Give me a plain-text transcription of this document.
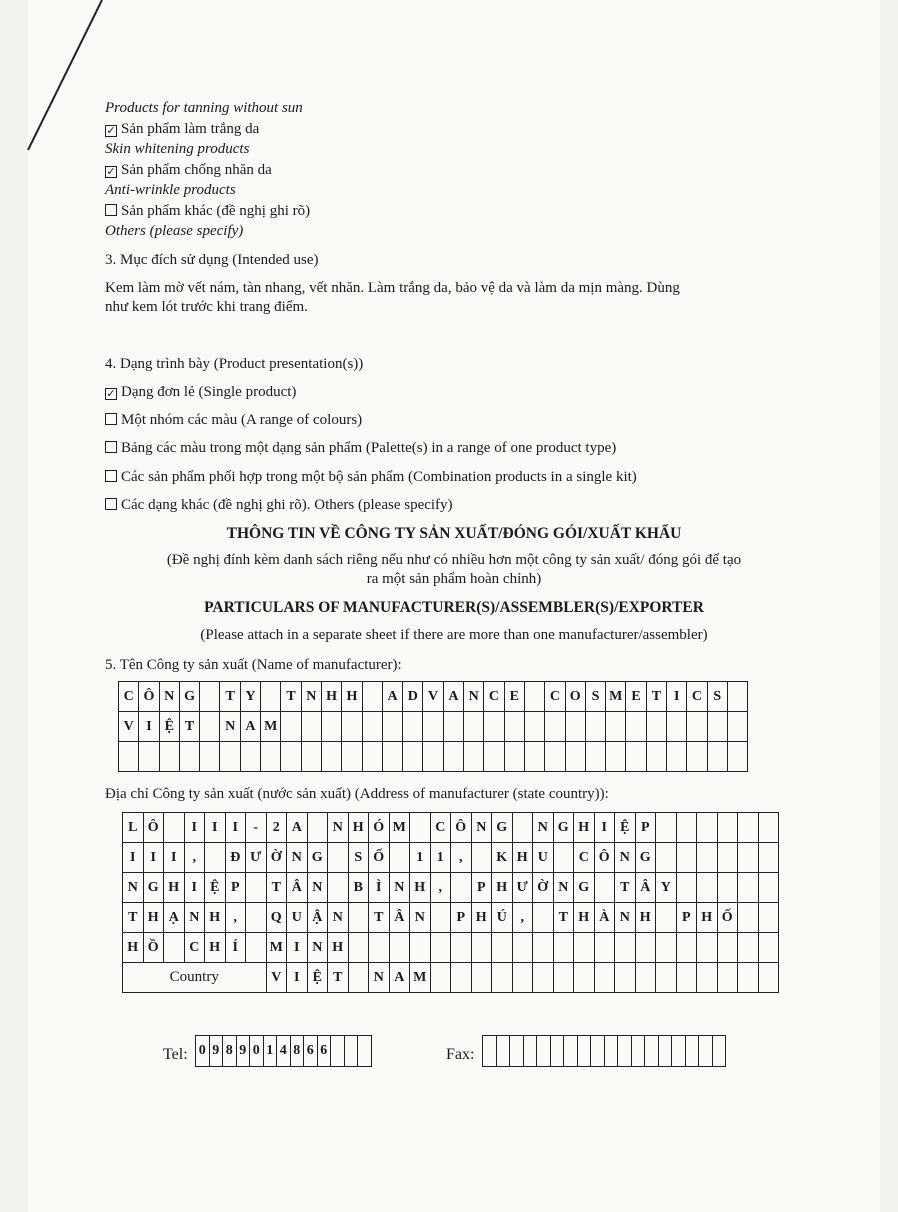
Products for tanning without sun
✓ Sản phẩm làm trắng da
Skin whitening products
✓ Sản phẩm chống nhăn da
Anti-wrinkle products
Sản phẩm khác (đề nghị ghi rõ)
Others (please specify)
3. Mục đích sử dụng (Intended use)
Kem làm mờ vết nám, tàn nhang, vết nhăn. Làm trắng da, bảo vệ da và làm da mịn màng. Dùng
như kem lót trước khi trang điểm.
4. Dạng trình bày (Product presentation(s))
✓ Dạng đơn lẻ (Single product)
Một nhóm các màu (A range of colours)
Bảng các màu trong một dạng sản phẩm (Palette(s) in a range of one product type)
Các sản phẩm phối hợp trong một bộ sản phẩm (Combination products in a single kit)
Các dạng khác (đề nghị ghi rõ). Others (please specify)
THÔNG TIN VỀ CÔNG TY SẢN XUẤT/ĐÓNG GÓI/XUẤT KHẨU
(Đề nghị đính kèm danh sách riêng nếu như có nhiều hơn một công ty sản xuất/ đóng gói để tạo
ra một sản phẩm hoàn chỉnh)
PARTICULARS OF MANUFACTURER(S)/ASSEMBLER(S)/EXPORTER
(Please attach in a separate sheet if there are more than one manufacturer/assembler)
5. Tên Công ty sản xuất (Name of manufacturer):
C	Ô	N	G		T	Y		T	N	H	H		A	D	V	A	N	C	E		C	O	S	M	E	T	I	C	S	
V	I	Ệ	T		N	A	M																							

Địa chỉ Công ty sản xuất (nước sản xuất) (Address of manufacturer (state country)):
L	Ô		I	I	I	-	2	A		N	H	Ó	M		C	Ô	N	G		N	G	H	I	Ệ	P						
I	I	I	,		Đ	Ư	Ờ	N	G		S	Ố		1	1	,		K	H	U		C	Ô	N	G						
N	G	H	I	Ệ	P		T	Â	N		B	Ì	N	H	,		P	H	Ư	Ờ	N	G		T	Â	Y					
T	H	Ạ	N	H	,		Q	U	Ậ	N		T	Â	N		P	H	Ú	,		T	H	À	N	H		P	H	Ố		
H	Ồ		C	H	Í		M	I	N	H																					
Country							V	I	Ệ	T		N	A	M																	
Tel: 0	9	8	9	0	1	4	8	6	6				Fax:
